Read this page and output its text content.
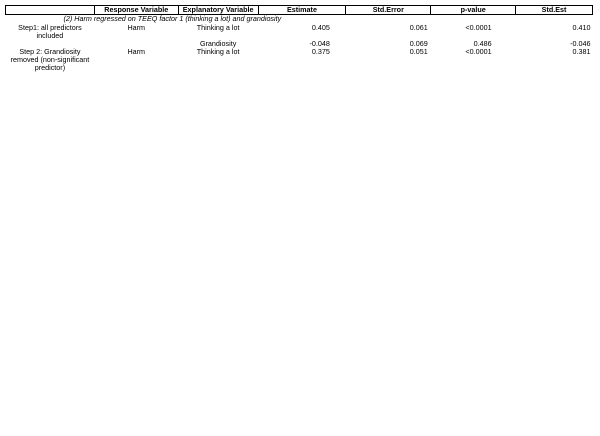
	Response Variable	Explanatory Variable	Estimate	Std.Error	p-value	Std.Est
(2) Harm regressed on TEEQ factor 1 (thinking a lot) and grandiosity						
Step1: all predictors included	Harm	Thinking a lot	0.405	0.061	<0.0001	0.410
		Grandiosity	-0.048	0.069	0.486	-0.046
Step 2: Grandiosity removed (non-significant predictor)	Harm	Thinking a lot	0.375	0.051	<0.0001	0.381
